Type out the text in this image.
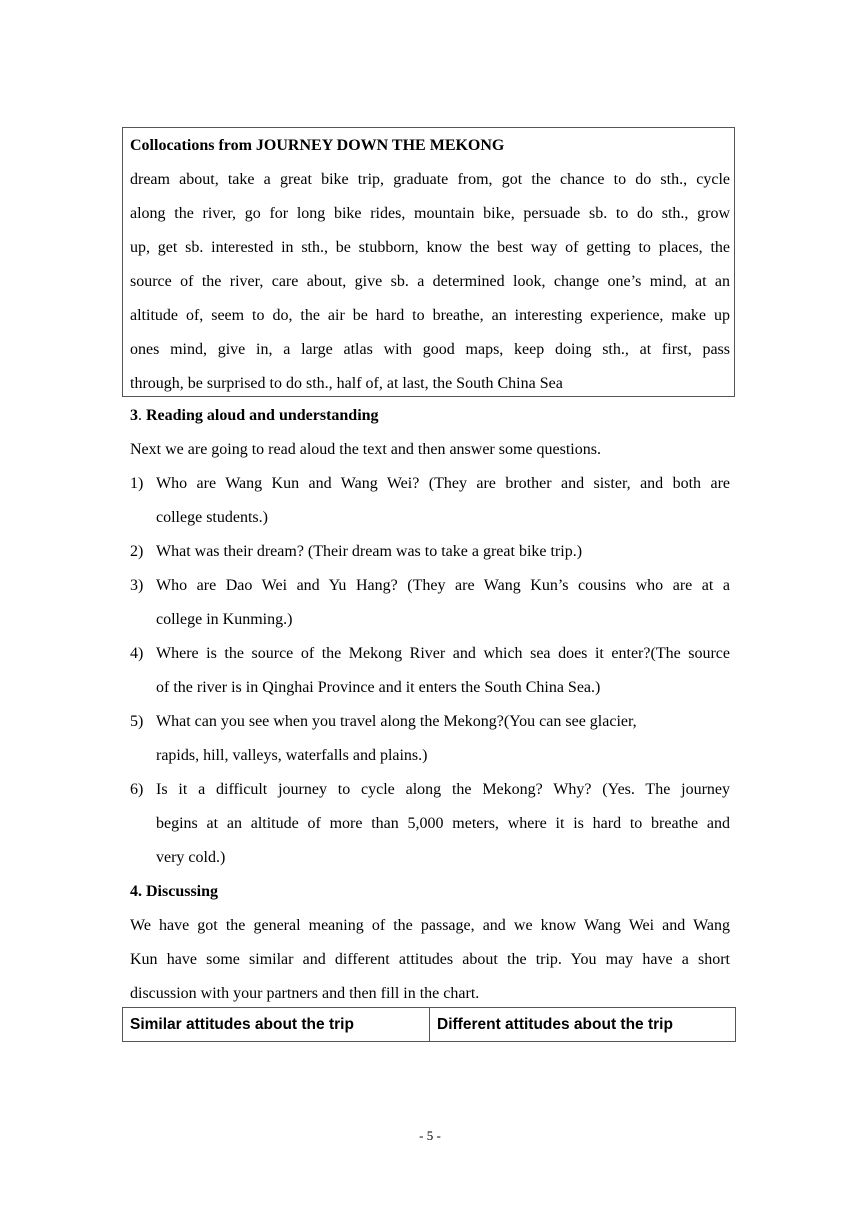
Collocations from JOURNEY DOWN THE MEKONG
dream about, take a great bike trip, graduate from, got the chance to do sth., cycle
along the river, go for long bike rides, mountain bike, persuade sb. to do sth., grow
up, get sb. interested in sth., be stubborn, know the best way of getting to places, the
source of the river, care about, give sb. a determined look, change one’s mind, at an
altitude of, seem to do, the air be hard to breathe, an interesting experience, make up
ones mind, give in, a large atlas with good maps, keep doing sth., at first, pass
through, be surprised to do sth., half of, at last, the South China Sea
3. Reading aloud and understanding
Next we are going to read aloud the text and then answer some questions.
1) Who are Wang Kun and Wang Wei? (They are brother and sister, and both are
college students.)
2) What was their dream? (Their dream was to take a great bike trip.)
3) Who are Dao Wei and Yu Hang? (They are Wang Kun’s cousins who are at a
college in Kunming.)
4) Where is the source of the Mekong River and which sea does it enter?(The source
of the river is in Qinghai Province and it enters the South China Sea.)
5) What can you see when you travel along the Mekong?(You can see glacier,
rapids, hill, valleys, waterfalls and plains.)
6) Is it a difficult journey to cycle along the Mekong? Why? (Yes. The journey
begins at an altitude of more than 5,000 meters, where it is hard to breathe and
very cold.)
4. Discussing
We have got the general meaning of the passage, and we know Wang Wei and Wang
Kun have some similar and different attitudes about the trip. You may have a short
discussion with your partners and then fill in the chart.
Similar attitudes about the trip	Different attitudes about the trip
- 5 -
